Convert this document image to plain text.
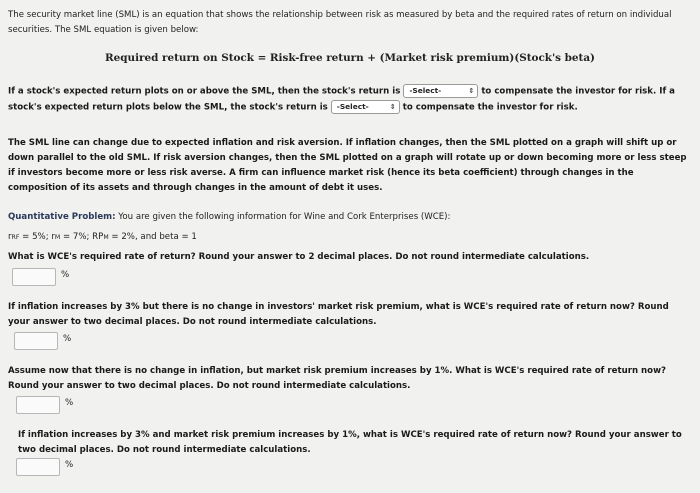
The security market line (SML) is an equation that shows the relationship between risk as measured by beta and the required rates of return on individual securities. The SML equation is given below:

Required return on Stock = Risk-free return + (Market risk premium)(Stock's beta)

If a stock's expected return plots on or above the SML, then the stock's return is -Select-	⇕ to compensate the investor for risk. If a stock's expected return plots below the SML, the stock's return is -Select-	⇕ to compensate the investor for risk.

The SML line can change due to expected inflation and risk aversion. If inflation changes, then the SML plotted on a graph will shift up or down parallel to the old SML. If risk aversion changes, then the SML plotted on a graph will rotate up or down becoming more or less steep if investors become more or less risk averse. A firm can influence market risk (hence its beta coefficient) through changes in the composition of its assets and through changes in the amount of debt it uses.

Quantitative Problem: You are given the following information for Wine and Cork Enterprises (WCE):

rRF = 5%; rM = 7%; RPM = 2%, and beta = 1

What is WCE's required rate of return? Round your answer to 2 decimal places. Do not round intermediate calculations.

%

If inflation increases by 3% but there is no change in investors' market risk premium, what is WCE's required rate of return now? Round your answer to two decimal places. Do not round intermediate calculations.

%

Assume now that there is no change in inflation, but market risk premium increases by 1%. What is WCE's required rate of return now? Round your answer to two decimal places. Do not round intermediate calculations.

%

If inflation increases by 3% and market risk premium increases by 1%, what is WCE's required rate of return now? Round your answer to two decimal places. Do not round intermediate calculations.

%
